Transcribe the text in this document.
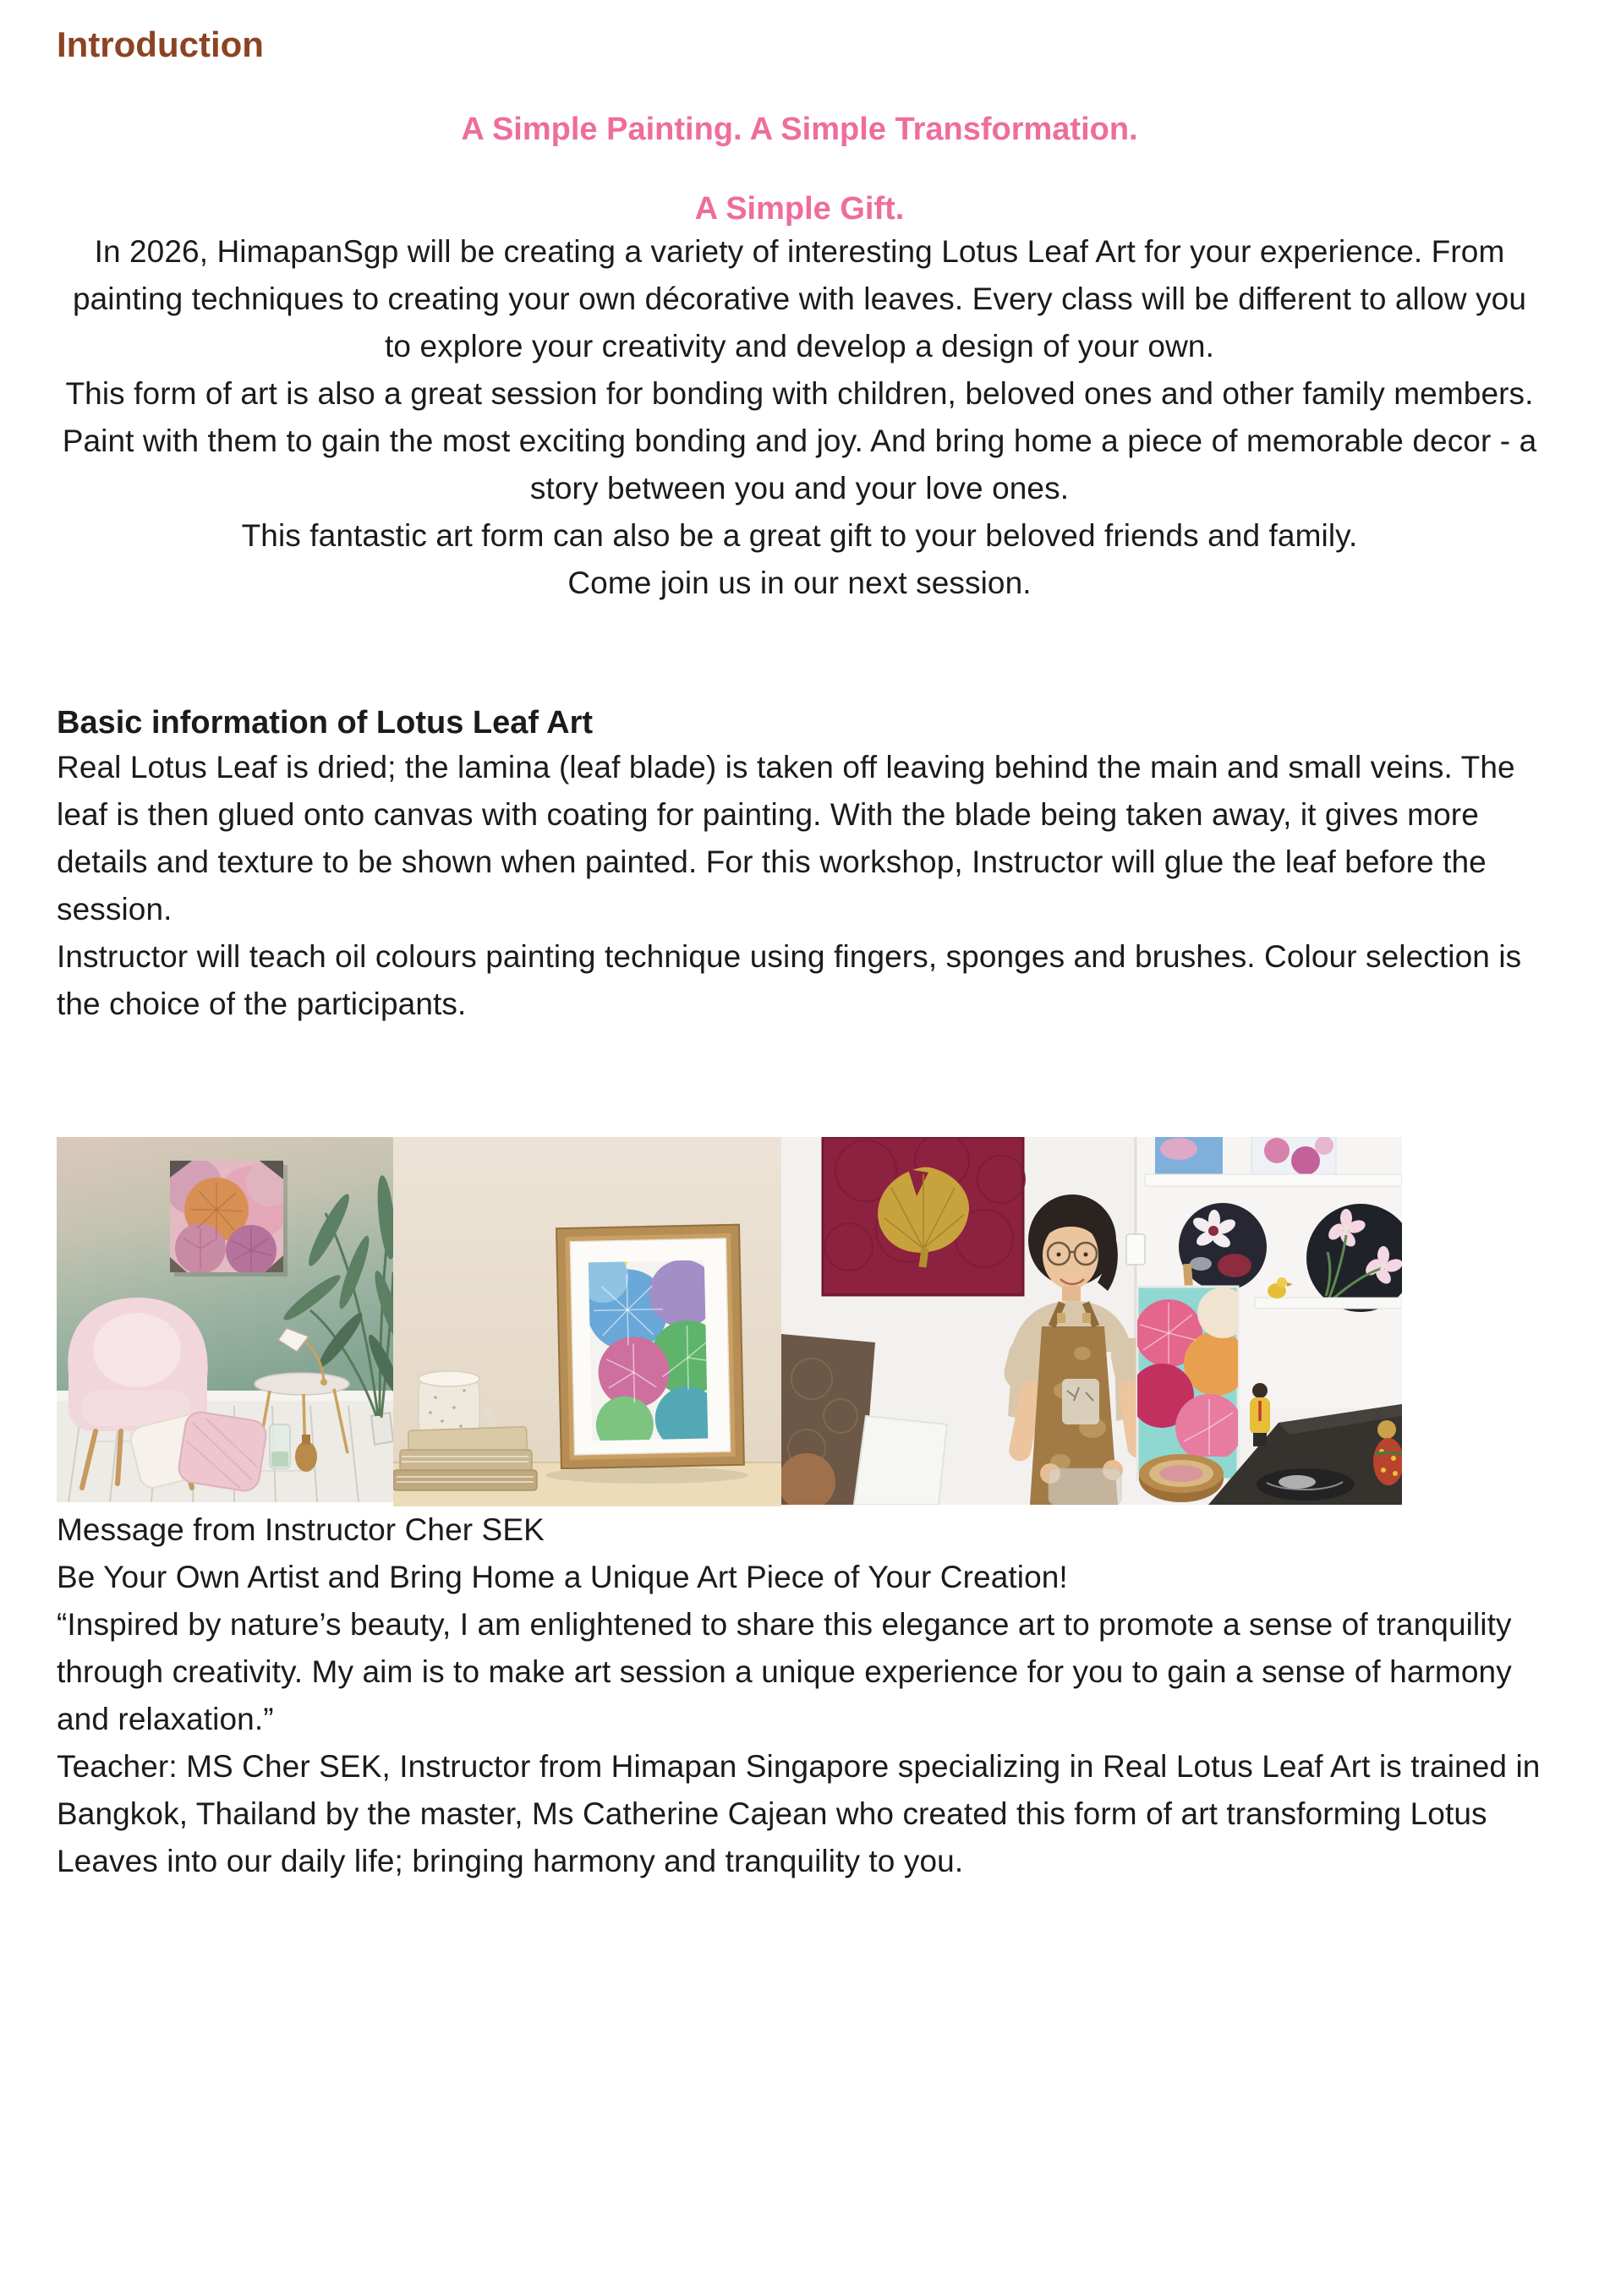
Introduction
A Simple Painting. A Simple Transformation.
A Simple Gift.

In 2026, HimapanSgp will be creating a variety of interesting Lotus Leaf Art for your experience. From painting techniques to creating your own décorative with leaves. Every class will be different to allow you to explore your creativity and develop a design of your own.

This form of art is also a great session for bonding with children, beloved ones and other family members. Paint with them to gain the most exciting bonding and joy. And bring home a piece of memorable decor - a story between you and your love ones.

This fantastic art form can also be a great gift to your beloved friends and family.

Come join us in our next session.

Basic information of Lotus Leaf Art

Real Lotus Leaf is dried; the lamina (leaf blade) is taken off leaving behind the main and small veins. The leaf is then glued onto canvas with coating for painting. With the blade being taken away, it gives more details and texture to be shown when painted. For this workshop, Instructor will glue the leaf before the session.

Instructor will teach oil colours painting technique using fingers, sponges and brushes. Colour selection is the choice of the participants.

Message from Instructor Cher SEK

Be Your Own Artist and Bring Home a Unique Art Piece of Your Creation!

“Inspired by nature’s beauty, I am enlightened to share this elegance art to promote a sense of tranquility through creativity. My aim is to make art session a unique experience for you to gain a sense of harmony and relaxation.”

Teacher: MS Cher SEK, Instructor from Himapan Singapore specializing in Real Lotus Leaf Art is trained in Bangkok, Thailand by the master, Ms Catherine Cajean who created this form of art transforming Lotus Leaves into our daily life; bringing harmony and tranquility to you.
